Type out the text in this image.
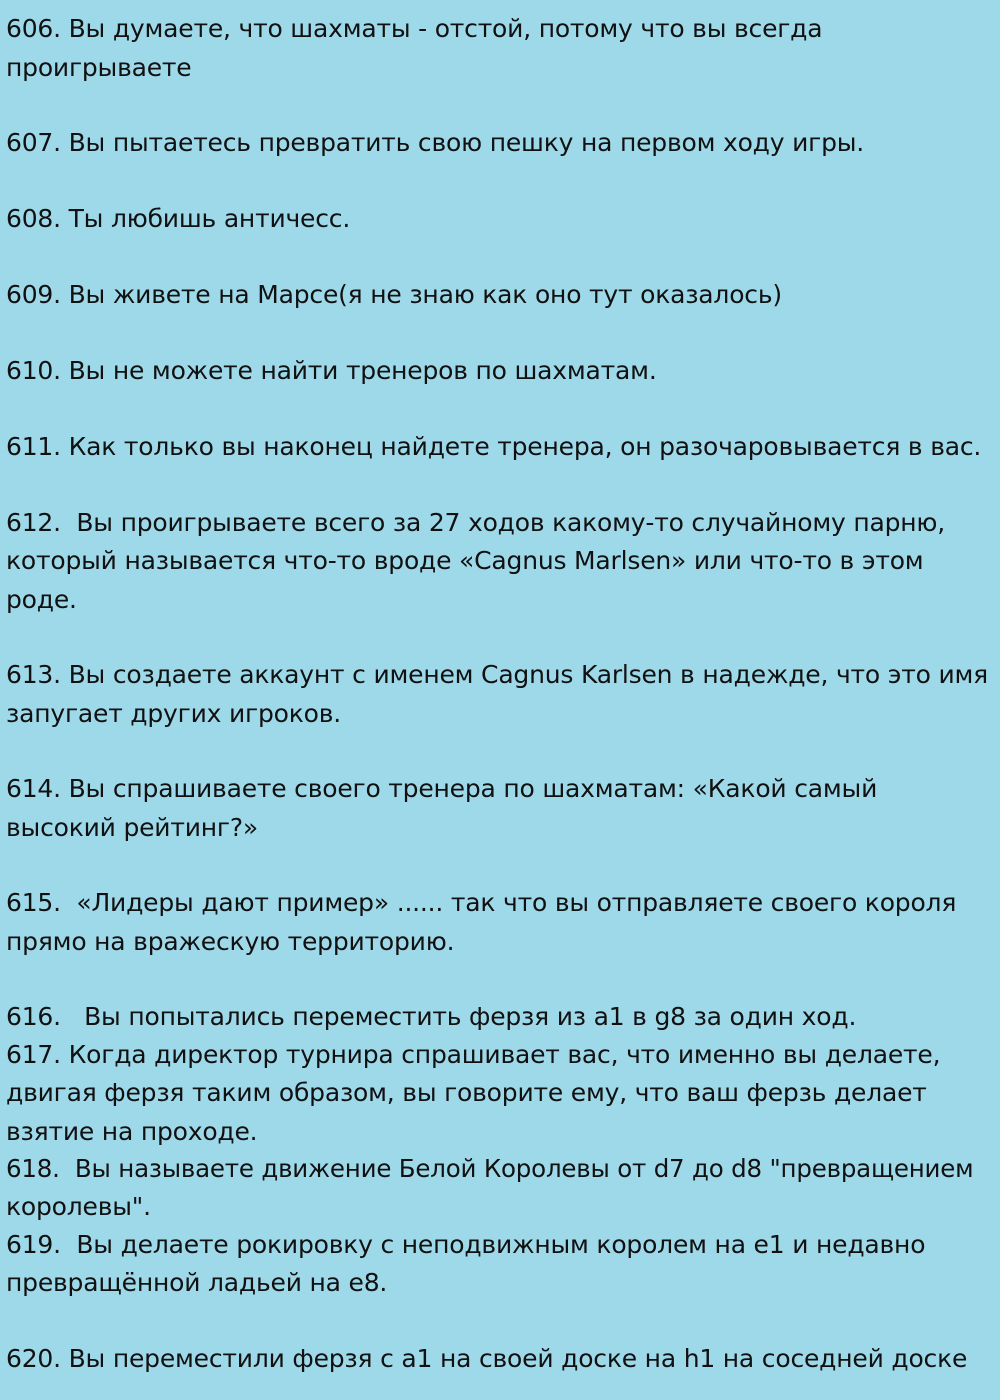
606. Вы думаете, что шахматы - отстой, потому что вы всегда
проигрываете
607. Вы пытаетесь превратить свою пешку на первом ходу игры.
608. Ты любишь античесс.
609. Вы живете на Марсе(я не знаю как оно тут оказалось)
610. Вы не можете найти тренеров по шахматам.
611. Как только вы наконец найдете тренера, он разочаровывается в вас.
612.  Вы проигрываете всего за 27 ходов какому-то случайному парню,
который называется что-то вроде «Cagnus Marlsen» или что-то в этом
роде.
613. Вы создаете аккаунт с именем Cagnus Karlsen в надежде, что это имя
запугает других игроков.
614. Вы спрашиваете своего тренера по шахматам: «Какой самый
высокий рейтинг?»
615.  «Лидеры дают пример» ...... так что вы отправляете своего короля
прямо на вражескую территорию.
616.   Вы попытались переместить ферзя из a1 в g8 за один ход.
617. Когда директор турнира спрашивает вас, что именно вы делаете,
двигая ферзя таким образом, вы говорите ему, что ваш ферзь делает
взятие на проходе.
618.  Вы называете движение Белой Королевы от d7 до d8 "превращением
королевы".
619.  Вы делаете рокировку с неподвижным королем на e1 и недавно
превращённой ладьей на e8.
620. Вы переместили ферзя с a1 на своей доске на h1 на соседней доске
